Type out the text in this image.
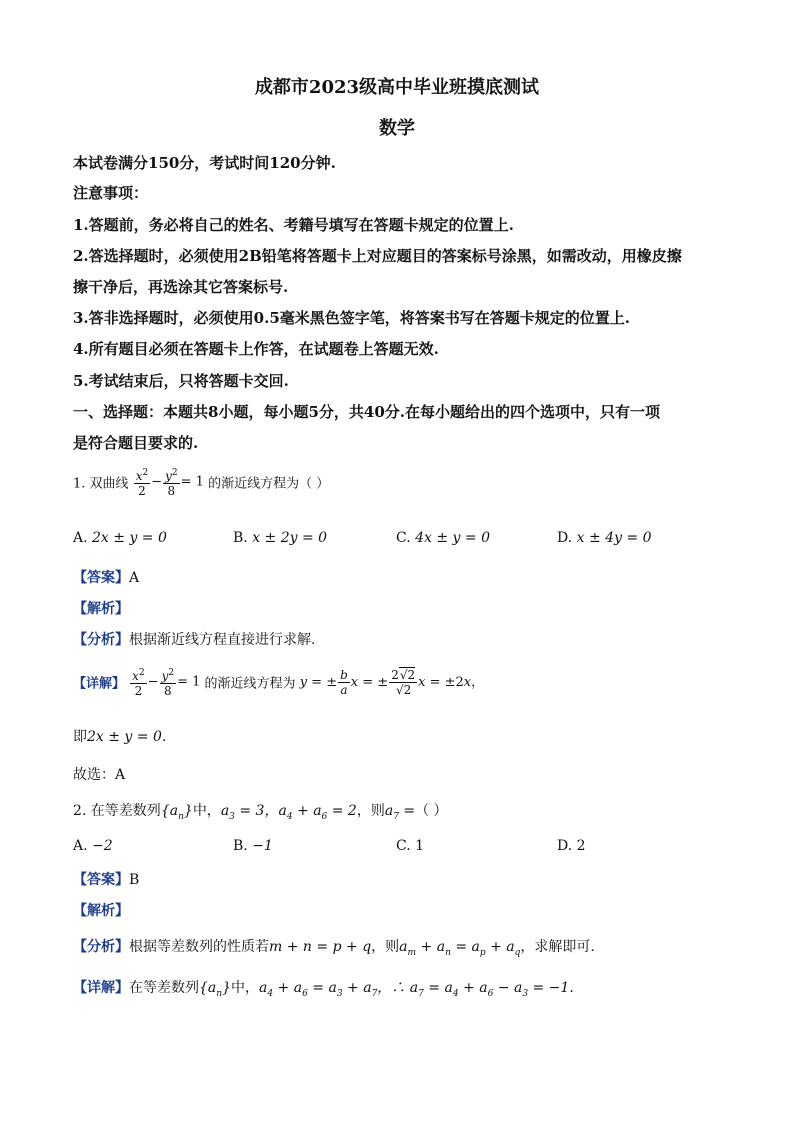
成都市2023级高中毕业班摸底测试
数学
本试卷满分150分，考试时间120分钟.
注意事项：
1.答题前，务必将自己的姓名、考籍号填写在答题卡规定的位置上.
2.答选择题时，必须使用2B铅笔将答题卡上对应题目的答案标号涂黑，如需改动，用橡皮擦
擦干净后，再选涂其它答案标号.
3.答非选择题时，必须使用0.5毫米黑色签字笔，将答案书写在答题卡规定的位置上.
4.所有题目必须在答题卡上作答，在试题卷上答题无效.
5.考试结束后，只将答题卡交回.
一、选择题：本题共8小题，每小题5分，共40分.在每小题给出的四个选项中，只有一项
是符合题目要求的.
1. 双曲线 $\frac{x^2}{2} - \frac{y^2}{8} = 1$ 的渐近线方程为（ ）
A. 2x ± y = 0	B. x ± 2y = 0	C. 4x ± y = 0	D. x ± 4y = 0
【答案】A
【解析】
【分析】根据渐近线方程直接进行求解.
【详解】 $\frac{x^2}{2} - \frac{y^2}{8} = 1$ 的渐近线方程为 y = ± $\frac{b}{a}$ x = ± $\frac{2√2}{√2}$ x = ±2x，
即2x ± y = 0.
故选：A
2. 在等差数列$\{a_n\}$中，$a_3 = 3$，$a_4 + a_6 = 2$，则$a_7$ =（ ）
A. −2	B. −1	C. 1	D. 2
【答案】B
【解析】
【分析】根据等差数列的性质若m + n = p + q，则$a_m + a_n = a_p + a_q$，求解即可.
【详解】在等差数列$\{a_n\}$中，$a_4 + a_6 = a_3 + a_7$，∴ $a_7 = a_4 + a_6 - a_3 = -1$.
